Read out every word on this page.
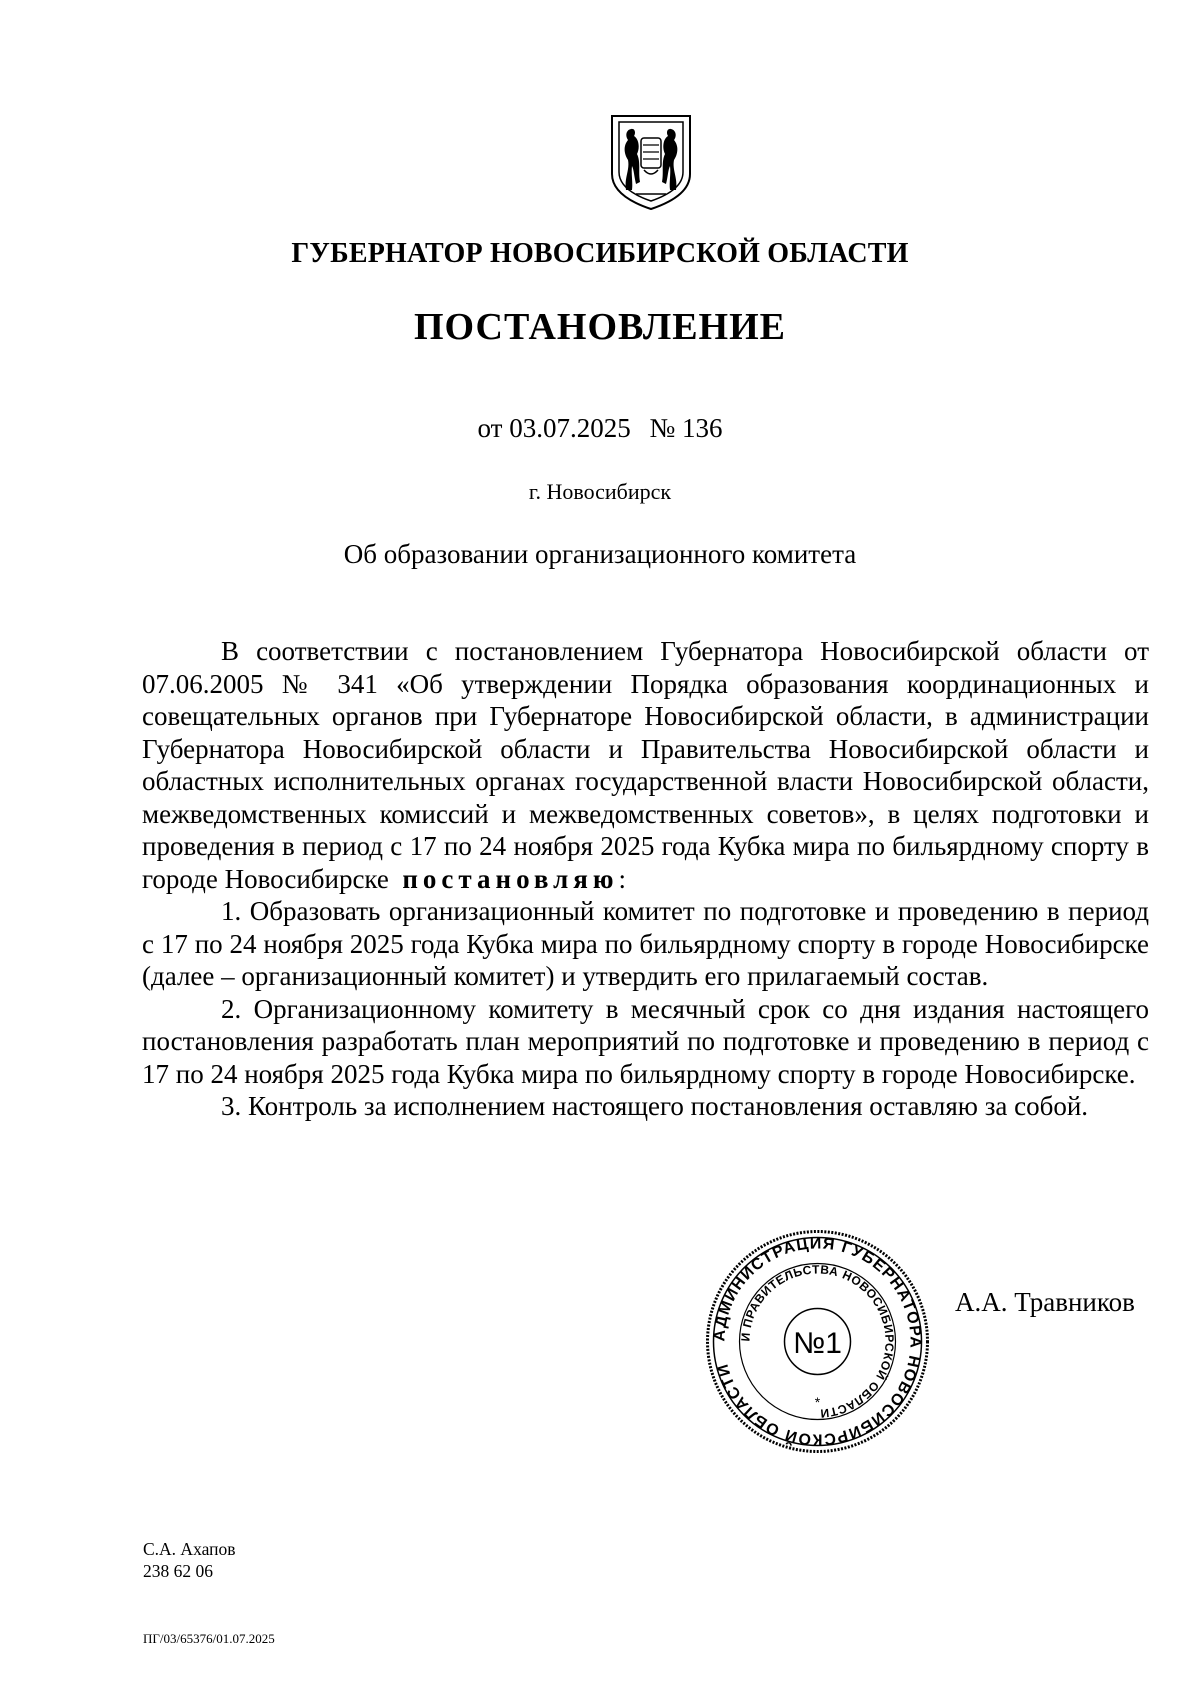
ГУБЕРНАТОР НОВОСИБИРСКОЙ ОБЛАСТИ
ПОСТАНОВЛЕНИЕ
от 03.07.2025 № 136
г. Новосибирск
Об образовании организационного комитета

В соответствии с постановлением Губернатора Новосибирской области от 07.06.2005 № 341 «Об утверждении Порядка образования координационных и совещательных органов при Губернаторе Новосибирской области, в администрации Губернатора Новосибирской области и Правительства Новосибирской области и областных исполнительных органах государственной власти Новосибирской области, межведомственных комиссий и межведомственных советов», в целях подготовки и проведения в период с 17 по 24 ноября 2025 года Кубка мира по бильярдному спорту в городе Новосибирске постановляю:

1. Образовать организационный комитет по подготовке и проведению в период с 17 по 24 ноября 2025 года Кубка мира по бильярдному спорту в городе Новосибирске (далее – организационный комитет) и утвердить его прилагаемый состав.

2. Организационному комитету в месячный срок со дня издания настоящего постановления разработать план мероприятий по подготовке и проведению в период с 17 по 24 ноября 2025 года Кубка мира по бильярдному спорту в городе Новосибирске.

3. Контроль за исполнением настоящего постановления оставляю за собой.

АДМИНИСТРАЦИЯ ГУБЕРНАТОРА НОВОСИБИРСКОЙ ОБЛАСТИ
И ПРАВИТЕЛЬСТВА НОВОСИБИРСКОЙ ОБЛАСТИ
№1
*
А.А. Травников
С.А. Ахапов
238 62 06
ПГ/03/65376/01.07.2025
